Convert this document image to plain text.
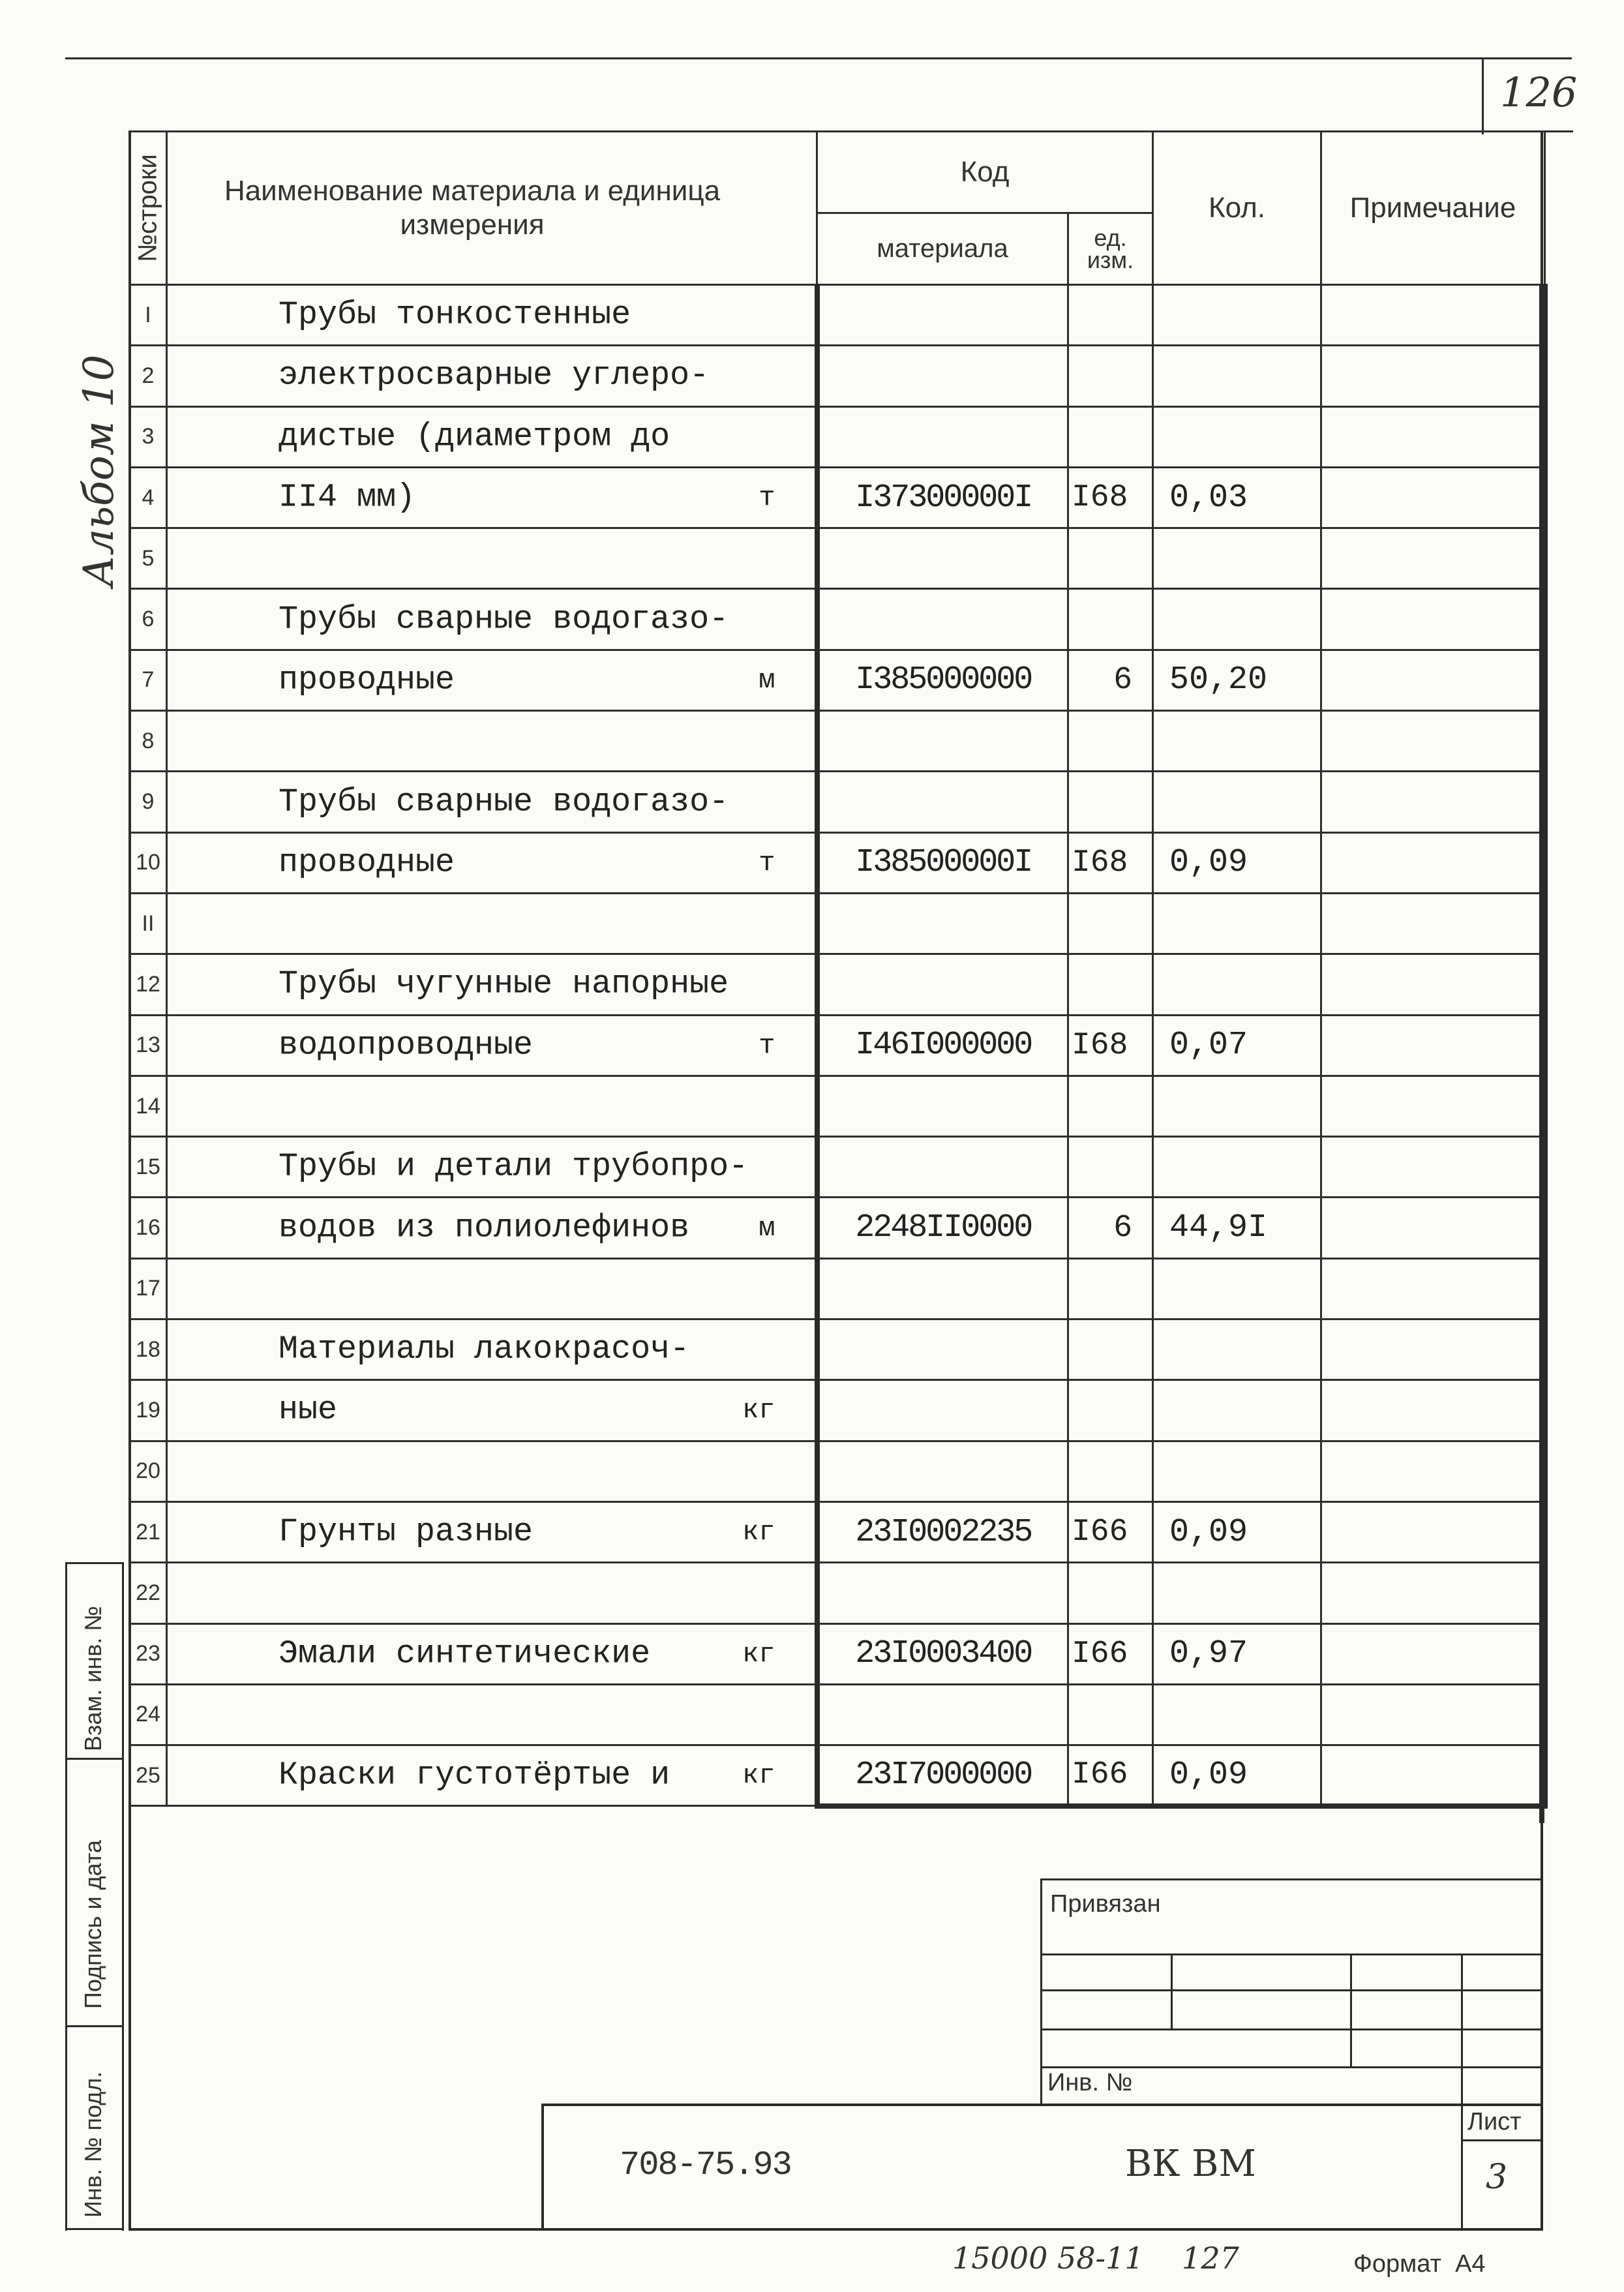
126
Альбом 10
№строки	Наименование материала и единица измерения	Код		Кол.	Примечание
		материала	ед. изм.		
I	Трубы тонкостенные				

2	электросварные углеро-				

3	дистые (диаметром до				

4	II4 мм) т	I37300000I	I68	0,03	
5	

6	Трубы сварные водогазо-				

7	проводные м	I385000000	6	50,20	
8	

9	Трубы сварные водогазо-				

10	проводные т	I38500000I	I68	0,09	
II	

12	Трубы чугунные напорные				

13	водопроводные т	I46I000000	I68	0,07	
14	

15	Трубы и детали трубопро-				

16	водов из полиолефинов м	2248II0000	6	44,9I	
17	

18	Материалы лакокрасоч-				

19	ные кг				

20	

21	Грунты разные кг	23I0002235	I66	0,09	
22	

23	Эмали синтетические кг	23I0003400	I66	0,97	
24	

25	Краски густотёртые и кг	23I7000000	I66	0,09	
Взам. инв. №
Подпись и дата
Инв. № подл.
Привязан
Инв. №
708-75.93	ВК ВМ
Лист
3
15000 58-11    127	Формат  А4
